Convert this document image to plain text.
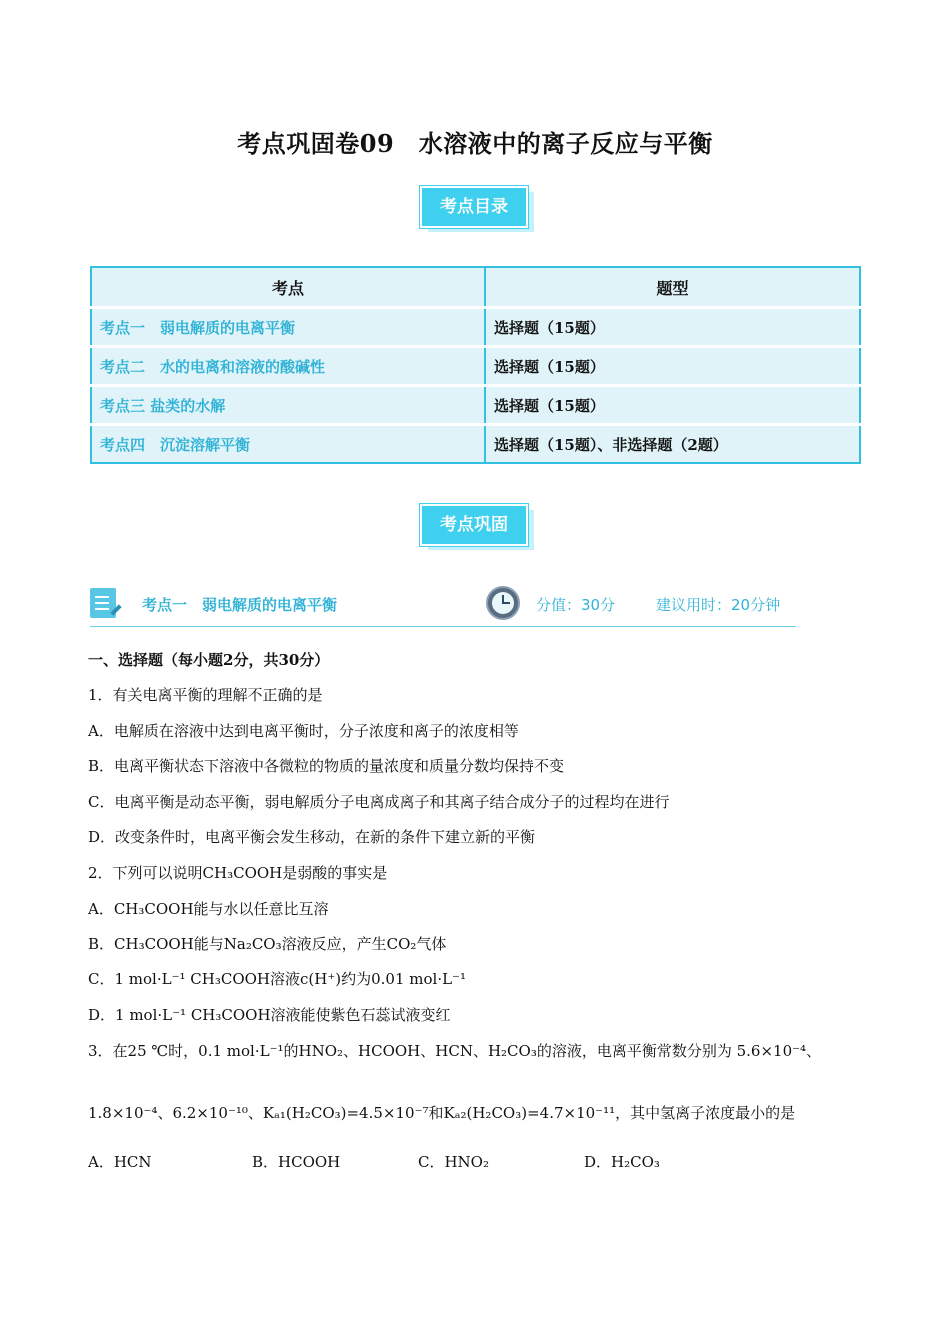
考点巩固卷09　水溶液中的离子反应与平衡
考点目录
考点	题型
考点一　弱电解质的电离平衡	选择题（15题）
考点二　水的电离和溶液的酸碱性	选择题（15题）
考点三 盐类的水解	选择题（15题）
考点四　沉淀溶解平衡	选择题（15题）、非选择题（2题）
考点巩固
考点一　弱电解质的电离平衡	分值：30分	建议用时：20分钟
一、选择题（每小题2分，共30分）
1．有关电离平衡的理解不正确的是
A．电解质在溶液中达到电离平衡时，分子浓度和离子的浓度相等
B．电离平衡状态下溶液中各微粒的物质的量浓度和质量分数均保持不变
C．电离平衡是动态平衡，弱电解质分子电离成离子和其离子结合成分子的过程均在进行
D．改变条件时，电离平衡会发生移动，在新的条件下建立新的平衡
2．下列可以说明CH₃COOH是弱酸的事实是
A．CH₃COOH能与水以任意比互溶
B．CH₃COOH能与Na₂CO₃溶液反应，产生CO₂气体
C．1 mol·L⁻¹ CH₃COOH溶液c(H⁺)约为0.01 mol·L⁻¹
D．1 mol·L⁻¹ CH₃COOH溶液能使紫色石蕊试液变红
3．在25 ℃时，0.1 mol·L⁻¹的HNO₂、HCOOH、HCN、H₂CO₃的溶液，电离平衡常数分别为 5.6×10⁻⁴、
1.8×10⁻⁴、6.2×10⁻¹⁰、Kₐ₁(H₂CO₃)=4.5×10⁻⁷和Kₐ₂(H₂CO₃)=4.7×10⁻¹¹，其中氢离子浓度最小的是
A．HCN	B．HCOOH	C．HNO₂	D．H₂CO₃
